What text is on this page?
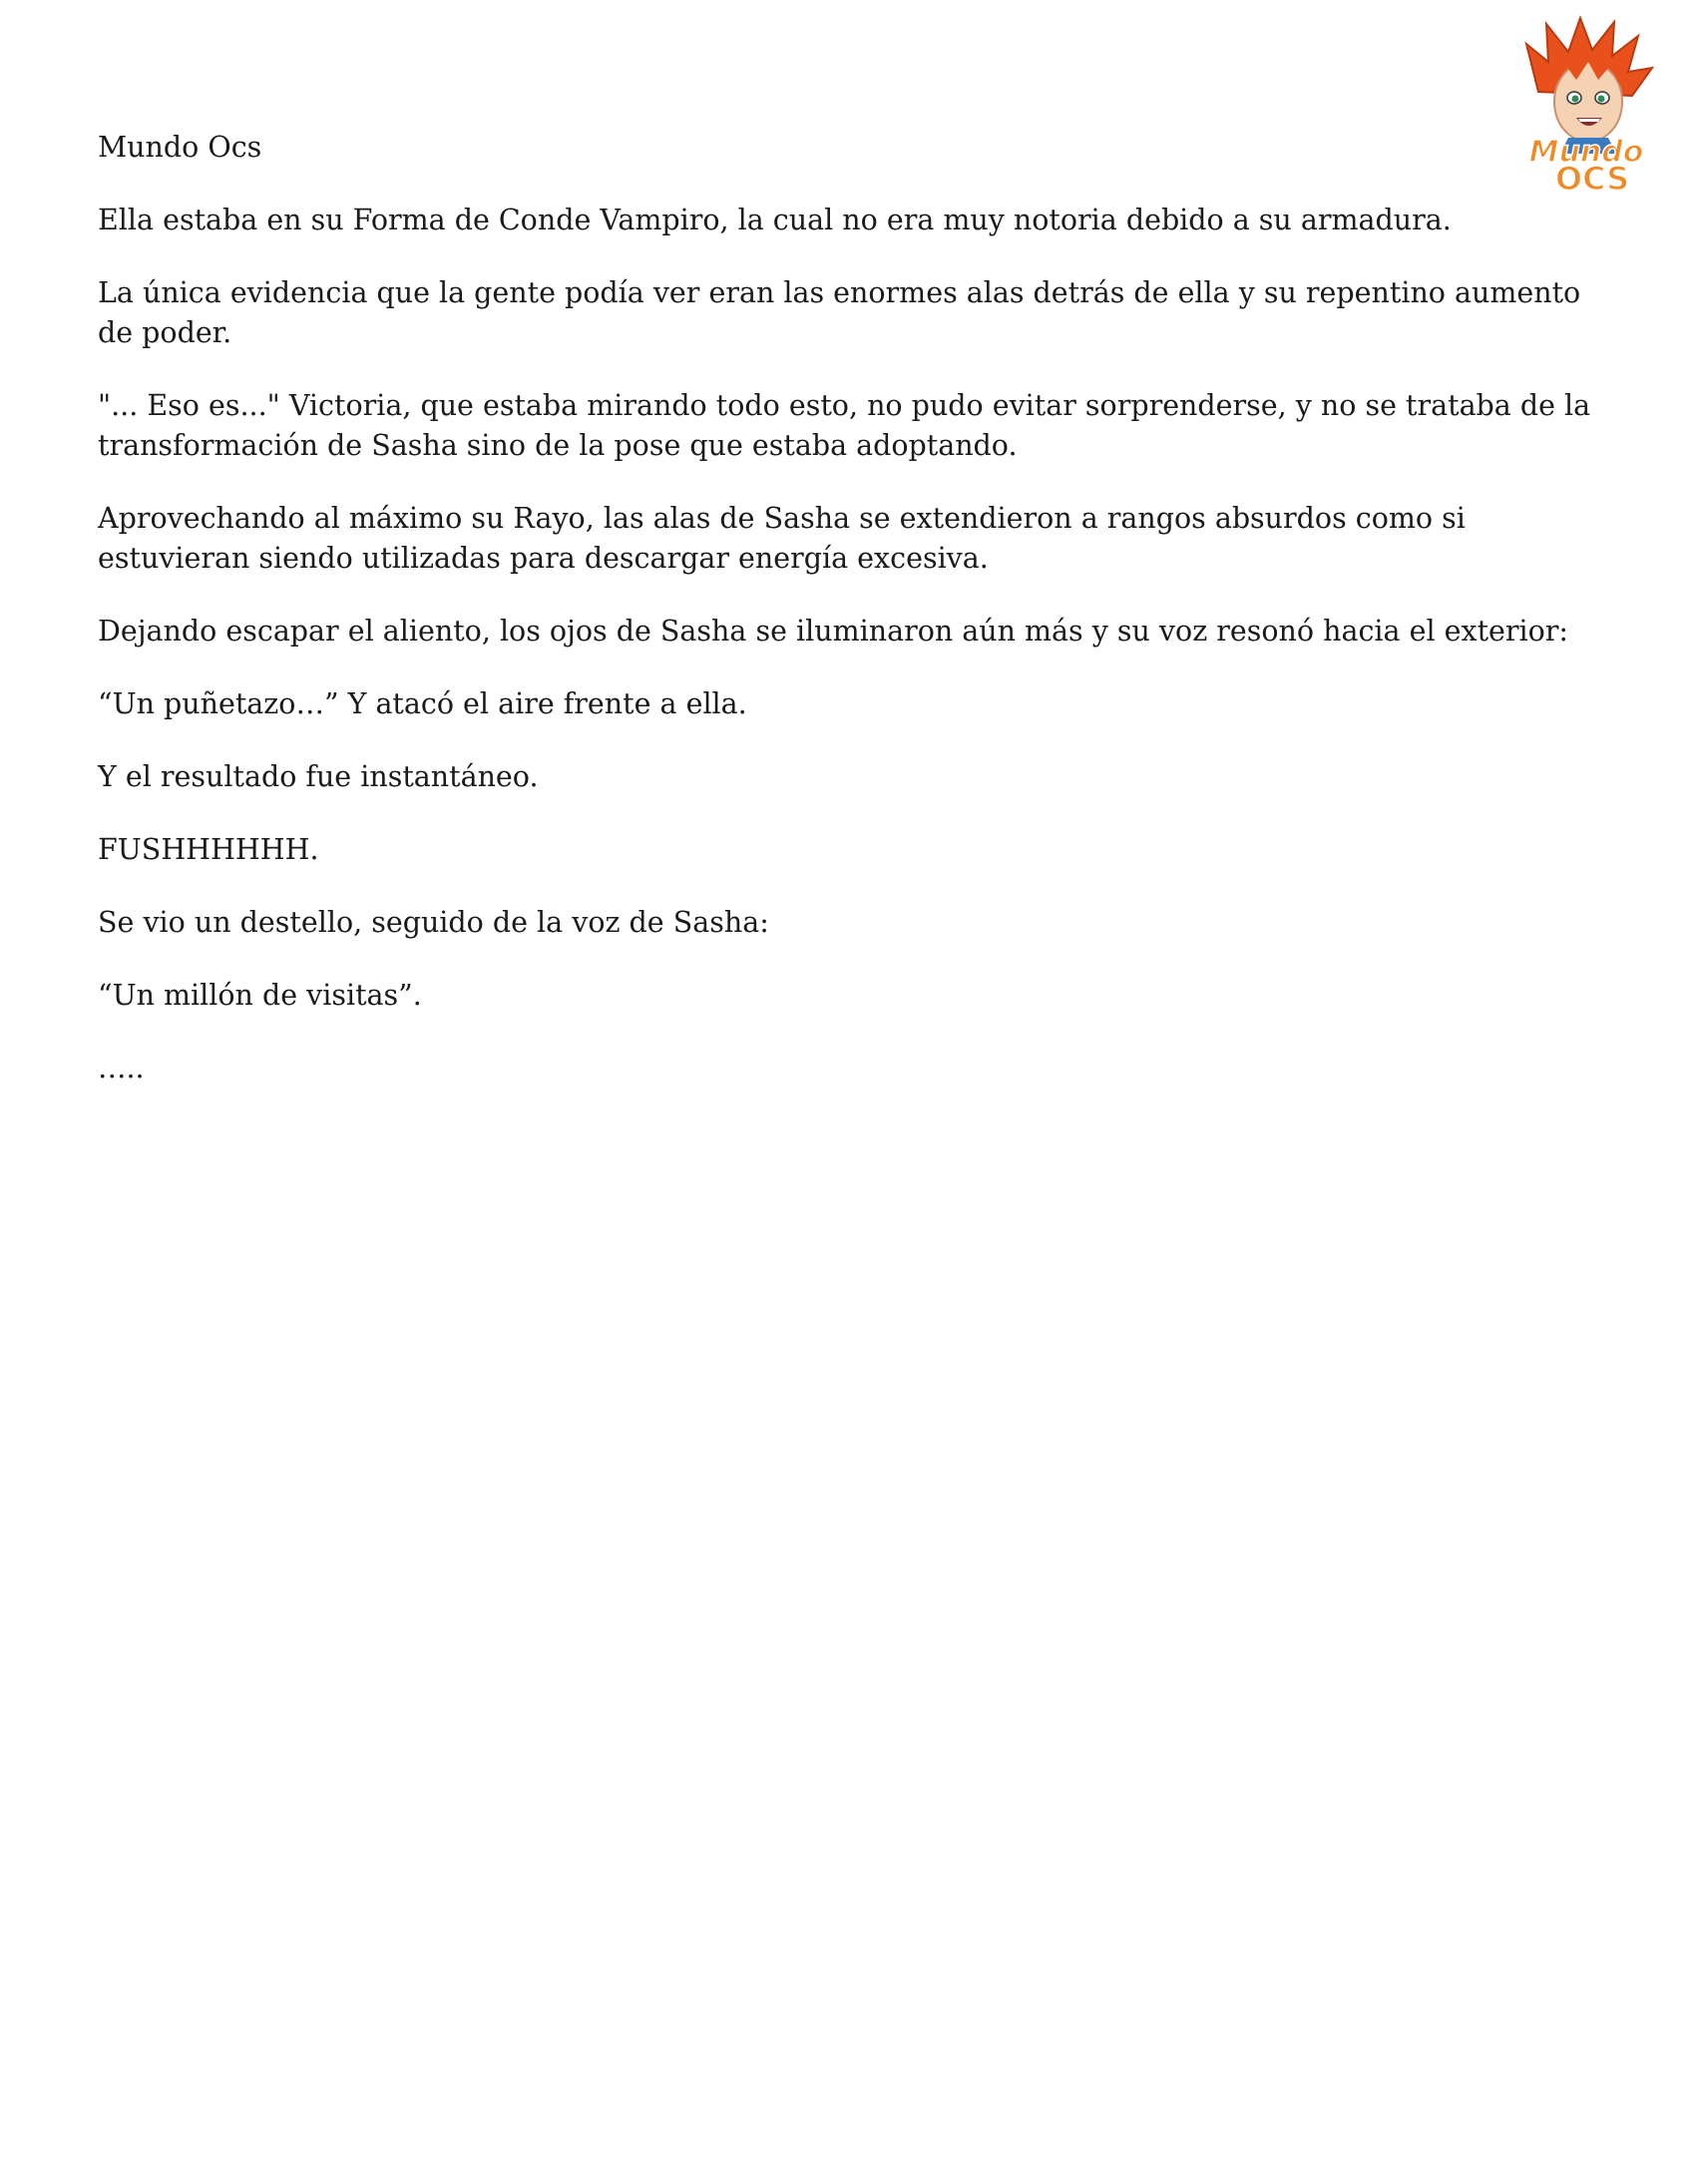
Mundo
OCS

Mundo Ocs

Ella estaba en su Forma de Conde Vampiro, la cual no era muy notoria debido a su armadura.

La única evidencia que la gente podía ver eran las enormes alas detrás de ella y su repentino aumento de poder.

"... Eso es..." Victoria, que estaba mirando todo esto, no pudo evitar sorprenderse, y no se trataba de la transformación de Sasha sino de la pose que estaba adoptando.

Aprovechando al máximo su Rayo, las alas de Sasha se extendieron a rangos absurdos como si estuvieran siendo utilizadas para descargar energía excesiva.

Dejando escapar el aliento, los ojos de Sasha se iluminaron aún más y su voz resonó hacia el exterior:

“Un puñetazo…” Y atacó el aire frente a ella.

Y el resultado fue instantáneo.

FUSHHHHHH.

Se vio un destello, seguido de la voz de Sasha:

“Un millón de visitas”.

…..
